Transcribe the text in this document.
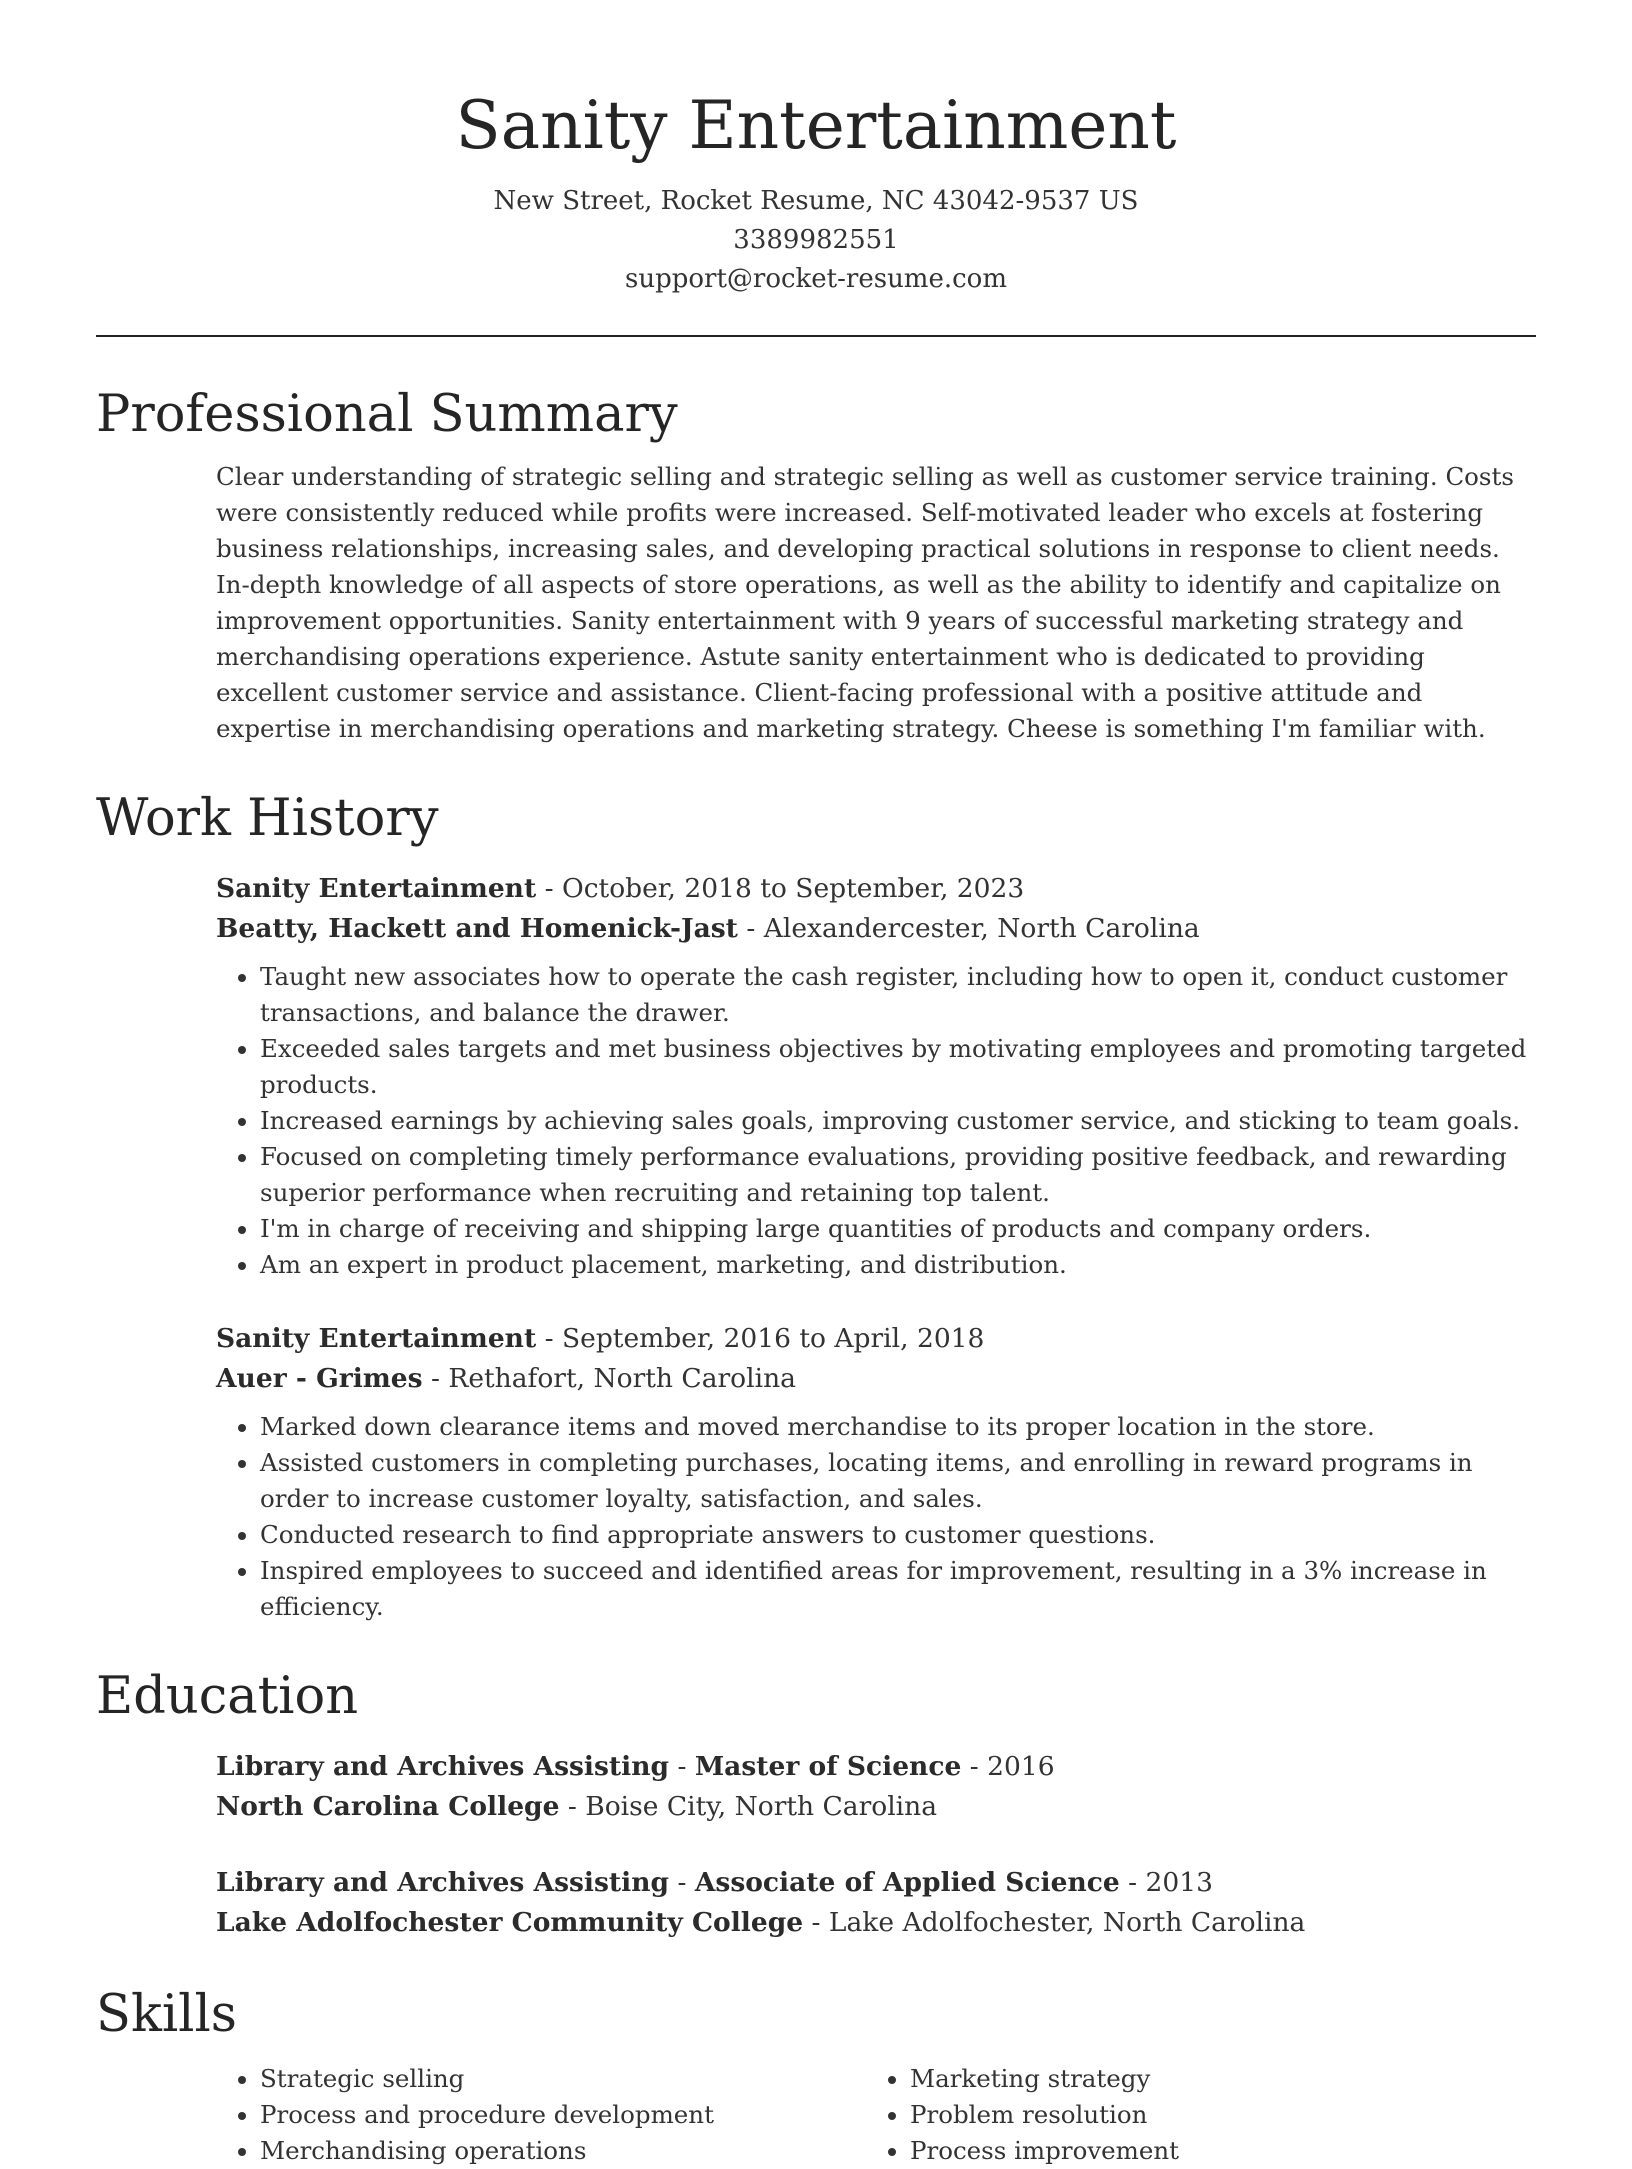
Sanity Entertainment
New Street, Rocket Resume, NC 43042-9537 US
3389982551
support@rocket-resume.com
Professional Summary

Clear understanding of strategic selling and strategic selling as well as customer service training. Costs were consistently reduced while profits were increased. Self-motivated leader who excels at fostering business relationships, increasing sales, and developing practical solutions in response to client needs. In-depth knowledge of all aspects of store operations, as well as the ability to identify and capitalize on improvement opportunities. Sanity entertainment with 9 years of successful marketing strategy and merchandising operations experience. Astute sanity entertainment who is dedicated to providing excellent customer service and assistance. Client-facing professional with a positive attitude and expertise in merchandising operations and marketing strategy. Cheese is something I'm familiar with.

Work History
Sanity Entertainment - October, 2018 to September, 2023
Beatty, Hackett and Homenick-Jast - Alexandercester, North Carolina
• Taught new associates how to operate the cash register, including how to open it, conduct customer transactions, and balance the drawer.
• Exceeded sales targets and met business objectives by motivating employees and promoting targeted products.
• Increased earnings by achieving sales goals, improving customer service, and sticking to team goals.
• Focused on completing timely performance evaluations, providing positive feedback, and rewarding superior performance when recruiting and retaining top talent.
• I'm in charge of receiving and shipping large quantities of products and company orders.
• Am an expert in product placement, marketing, and distribution.
Sanity Entertainment - September, 2016 to April, 2018
Auer - Grimes - Rethafort, North Carolina
• Marked down clearance items and moved merchandise to its proper location in the store.
• Assisted customers in completing purchases, locating items, and enrolling in reward programs in order to increase customer loyalty, satisfaction, and sales.
• Conducted research to find appropriate answers to customer questions.
• Inspired employees to succeed and identified areas for improvement, resulting in a 3% increase in efficiency.
Education
Library and Archives Assisting - Master of Science - 2016
North Carolina College - Boise City, North Carolina
Library and Archives Assisting - Associate of Applied Science - 2013
Lake Adolfochester Community College - Lake Adolfochester, North Carolina
Skills
• Strategic selling
• Process and procedure development
• Merchandising operations
• Marketing strategy
• Problem resolution
• Process improvement
